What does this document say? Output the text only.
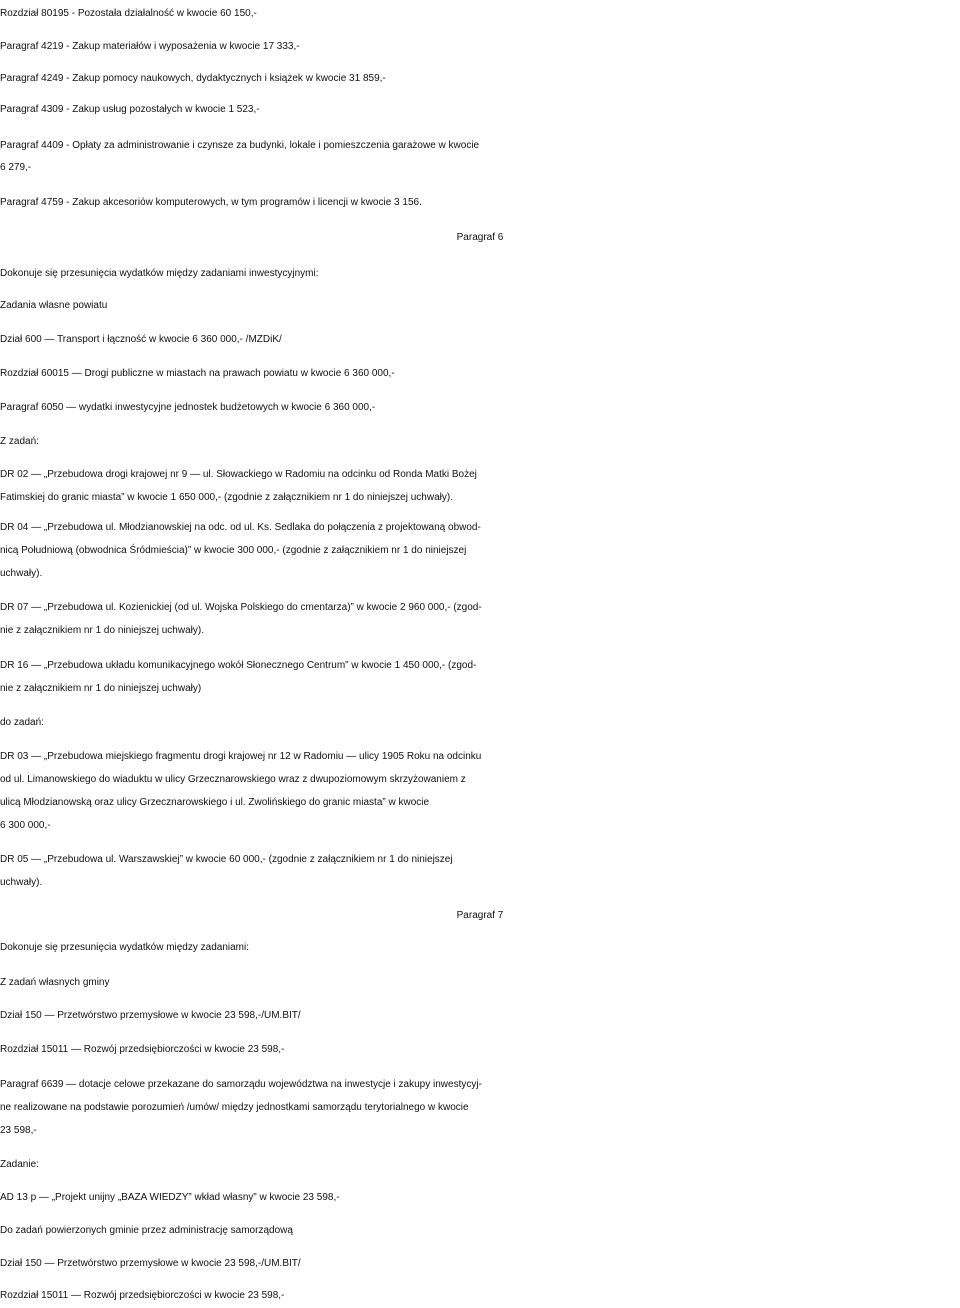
Rozdział 80195 - Pozostała działalność w kwocie 60 150,-

Paragraf 4219 - Zakup materiałów i wyposażenia w kwocie 17 333,-

Paragraf 4249 - Zakup pomocy naukowych, dydaktycznych i książek w kwocie 31 859,-

Paragraf 4309 - Zakup usług pozostałych w kwocie 1 523,-

Paragraf 4409 - Opłaty za administrowanie i czynsze za budynki, lokale i pomieszczenia garażowe w kwocie
6 279,-

Paragraf 4759 - Zakup akcesoriów komputerowych, w tym programów i licencji w kwocie 3 156.

Paragraf 6

Dokonuje się przesunięcia wydatków między zadaniami inwestycyjnymi:

Zadania własne powiatu

Dział 600 — Transport i łączność w kwocie 6 360 000,- /MZDiK/

Rozdział 60015 — Drogi publiczne w miastach na prawach powiatu w kwocie 6 360 000,-

Paragraf 6050 — wydatki inwestycyjne jednostek budżetowych w kwocie 6 360 000,-

Z zadań:

DR 02 — „Przebudowa drogi krajowej nr 9 — ul. Słowackiego w Radomiu na odcinku od Ronda Matki Bożej
Fatimskiej do granic miasta” w kwocie 1 650 000,- (zgodnie z załącznikiem nr 1 do niniejszej uchwały).
DR 04 — „Przebudowa ul. Młodzianowskiej na odc. od ul. Ks. Sedlaka do połączenia z projektowaną obwod-
nicą Południową (obwodnica Śródmieścia)” w kwocie 300 000,- (zgodnie z załącznikiem nr 1 do niniejszej
uchwały).
DR 07 — „Przebudowa ul. Kozienickiej (od ul. Wojska Polskiego do cmentarza)” w kwocie 2 960 000,- (zgod-
nie z załącznikiem nr 1 do niniejszej uchwały).
DR 16 — „Przebudowa układu komunikacyjnego wokół Słonecznego Centrum” w kwocie 1 450 000,- (zgod-
nie z załącznikiem nr 1 do niniejszej uchwały)

do zadań:

DR 03 — „Przebudowa miejskiego fragmentu drogi krajowej nr 12 w Radomiu — ulicy 1905 Roku na odcinku
od ul. Limanowskiego do wiaduktu w ulicy Grzecznarowskiego wraz z dwupoziomowym skrzyżowaniem z
ulicą Młodzianowską oraz ulicy Grzecznarowskiego i ul. Zwolińskiego do granic miasta” w kwocie
6 300 000,-
DR 05 — „Przebudowa ul. Warszawskiej” w kwocie 60 000,- (zgodnie z załącznikiem nr 1 do niniejszej
uchwały).

Paragraf 7

Dokonuje się przesunięcia wydatków między zadaniami:

Z zadań własnych gminy

Dział 150 — Przetwórstwo przemysłowe w kwocie 23 598,-/UM.BIT/

Rozdział 15011 — Rozwój przedsiębiorczości w kwocie 23 598,-

Paragraf 6639 — dotacje celowe przekazane do samorządu województwa na inwestycje i zakupy inwestycyj-
ne realizowane na podstawie porozumień /umów/ między jednostkami samorządu terytorialnego w kwocie
23 598,-

Zadanie:

AD 13 p — „Projekt unijny „BAZA WIEDZY” wkład własny” w kwocie 23 598,-

Do zadań powierzonych gminie przez administrację samorządową

Dział 150 — Przetwórstwo przemysłowe w kwocie 23 598,-/UM.BIT/

Rozdział 15011 — Rozwój przedsiębiorczości w kwocie 23 598,-
